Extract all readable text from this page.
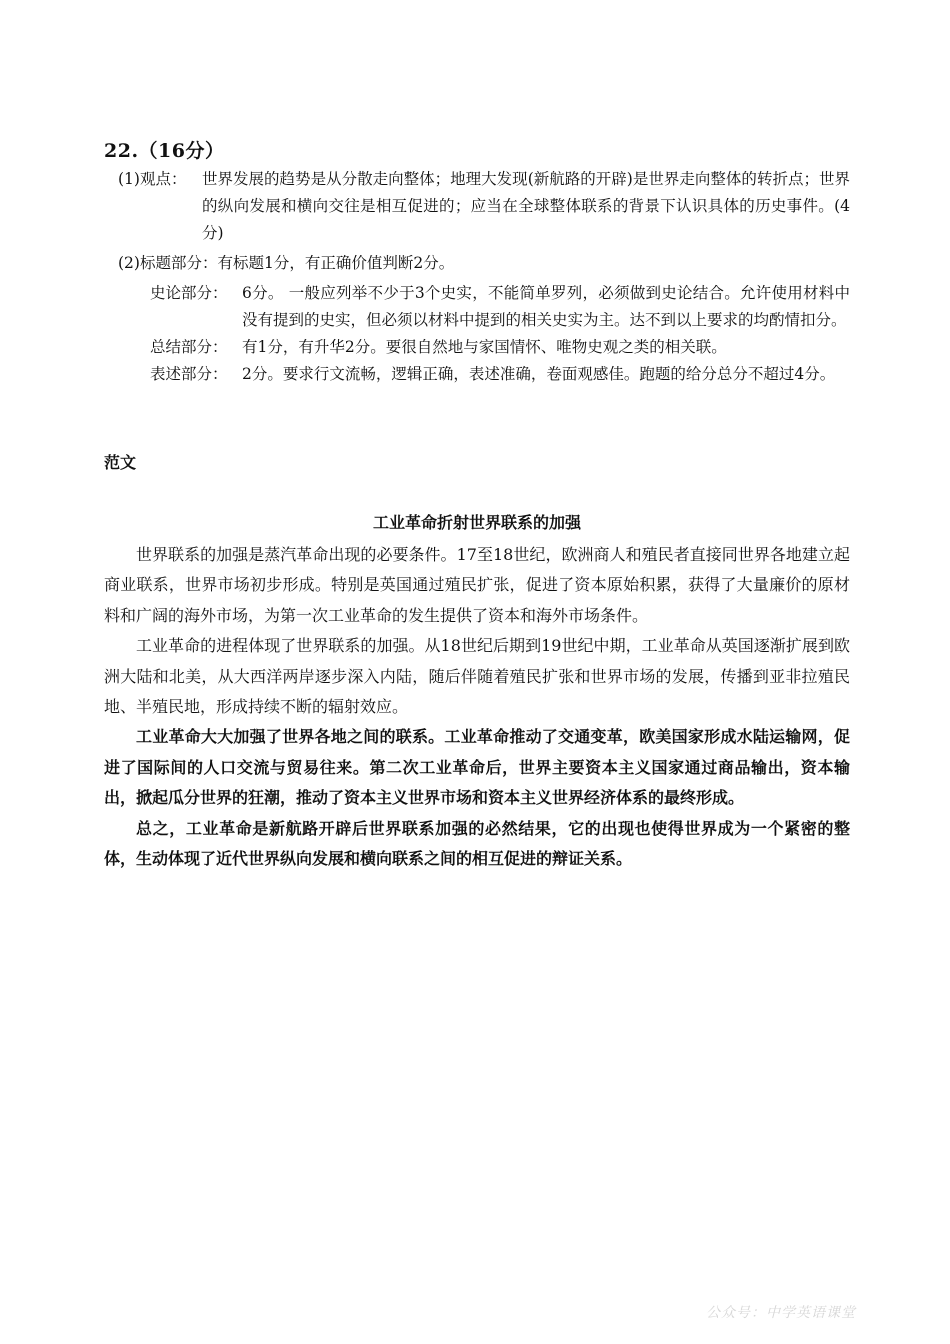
22.（16分）
(1)观点：	世界发展的趋势是从分散走向整体；地理大发现(新航路的开辟)是世界走向整体的转折点；世界的纵向发展和横向交往是相互促进的；应当在全球整体联系的背景下认识具体的历史事件。(4分)
(2)标题部分： 有标题1分，有正确价值判断2分。
史论部分： 6分。 一般应列举不少于3个史实，不能简单罗列，必须做到史论结合。允许使用材料中没有提到的史实，但必须以材料中提到的相关史实为主。达不到以上要求的均酌情扣分。
总结部分： 有1分，有升华2分。要很自然地与家国情怀、唯物史观之类的相关联。
表述部分： 2分。要求行文流畅，逻辑正确，表述准确，卷面观感佳。跑题的给分总分不超过4分。
范文
工业革命折射世界联系的加强

世界联系的加强是蒸汽革命出现的必要条件。17至18世纪，欧洲商人和殖民者直接同世界各地建立起商业联系，世界市场初步形成。特别是英国通过殖民扩张，促进了资本原始积累，获得了大量廉价的原材料和广阔的海外市场，为第一次工业革命的发生提供了资本和海外市场条件。

工业革命的进程体现了世界联系的加强。从18世纪后期到19世纪中期，工业革命从英国逐渐扩展到欧洲大陆和北美，从大西洋两岸逐步深入内陆，随后伴随着殖民扩张和世界市场的发展，传播到亚非拉殖民地、半殖民地，形成持续不断的辐射效应。

工业革命大大加强了世界各地之间的联系。工业革命推动了交通变革，欧美国家形成水陆运输网，促进了国际间的人口交流与贸易往来。第二次工业革命后，世界主要资本主义国家通过商品输出，资本输出，掀起瓜分世界的狂潮，推动了资本主义世界市场和资本主义世界经济体系的最终形成。

总之，工业革命是新航路开辟后世界联系加强的必然结果，它的出现也使得世界成为一个紧密的整体，生动体现了近代世界纵向发展和横向联系之间的相互促进的辩证关系。

公众号：中学英语课堂
